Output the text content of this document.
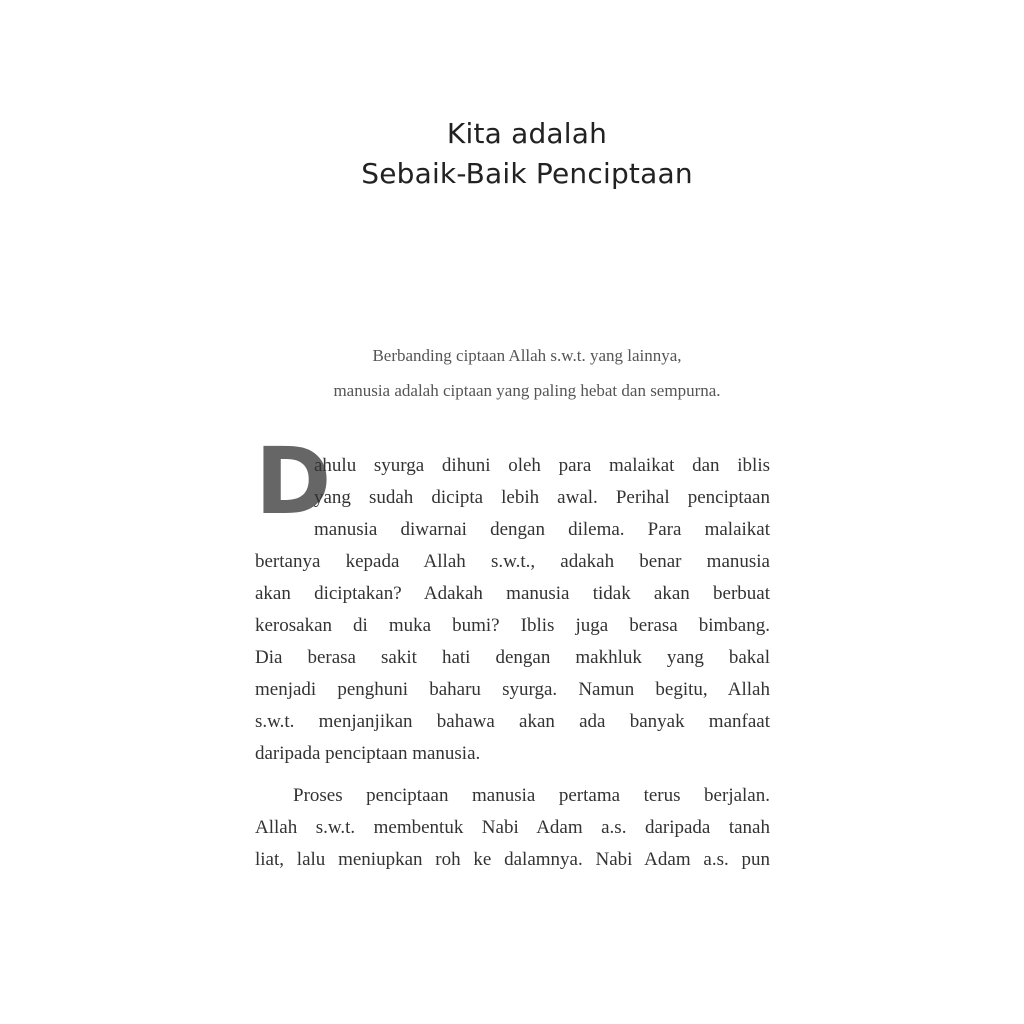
Kita adalah
Sebaik-Baik Penciptaan
Berbanding ciptaan Allah s.w.t. yang lainnya,
manusia adalah ciptaan yang paling hebat dan sempurna.
D
ahulu syurga dihuni oleh para malaikat dan iblis
yang sudah dicipta lebih awal. Perihal penciptaan
manusia diwarnai dengan dilema. Para malaikat
bertanya kepada Allah s.w.t., adakah benar manusia
akan diciptakan? Adakah manusia tidak akan berbuat
kerosakan di muka bumi? Iblis juga berasa bimbang.
Dia berasa sakit hati dengan makhluk yang bakal
menjadi penghuni baharu syurga. Namun begitu, Allah
s.w.t. menjanjikan bahawa akan ada banyak manfaat
daripada penciptaan manusia.
Proses penciptaan manusia pertama terus berjalan.
Allah s.w.t. membentuk Nabi Adam a.s. daripada tanah
liat, lalu meniupkan roh ke dalamnya. Nabi Adam a.s. pun
